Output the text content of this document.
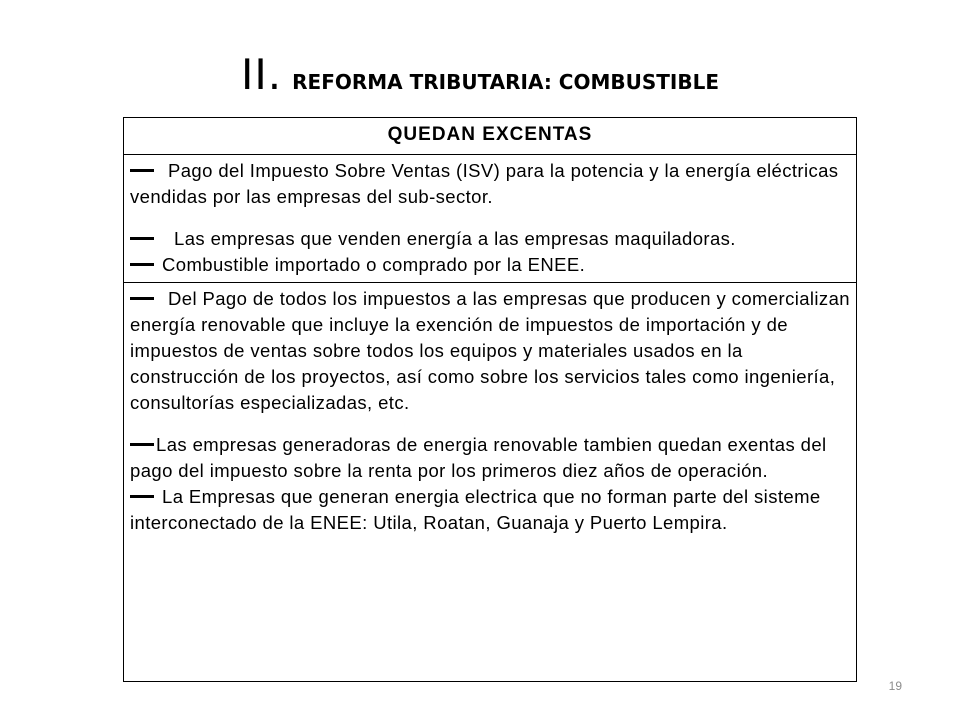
II. REFORMA TRIBUTARIA: COMBUSTIBLE
QUEDAN EXCENTAS

Pago del Impuesto Sobre Ventas (ISV) para la potencia y la energía eléctricas vendidas por las empresas del sub-sector.

Las empresas que venden energía a las empresas maquiladoras.

Combustible importado o comprado por la ENEE.

Del Pago de todos los impuestos a las empresas que producen y comercializan energía renovable que incluye la exención de impuestos de importación y de impuestos de ventas sobre todos los equipos y materiales usados en la construcción de los proyectos, así como sobre los servicios tales como ingeniería, consultorías especializadas, etc.

Las empresas generadoras de energia renovable tambien quedan exentas del pago del impuesto sobre la renta por los primeros diez años de operación.

La Empresas que generan energia electrica que no forman parte del sisteme interconectado de la ENEE: Utila, Roatan, Guanaja y Puerto Lempira.

19
